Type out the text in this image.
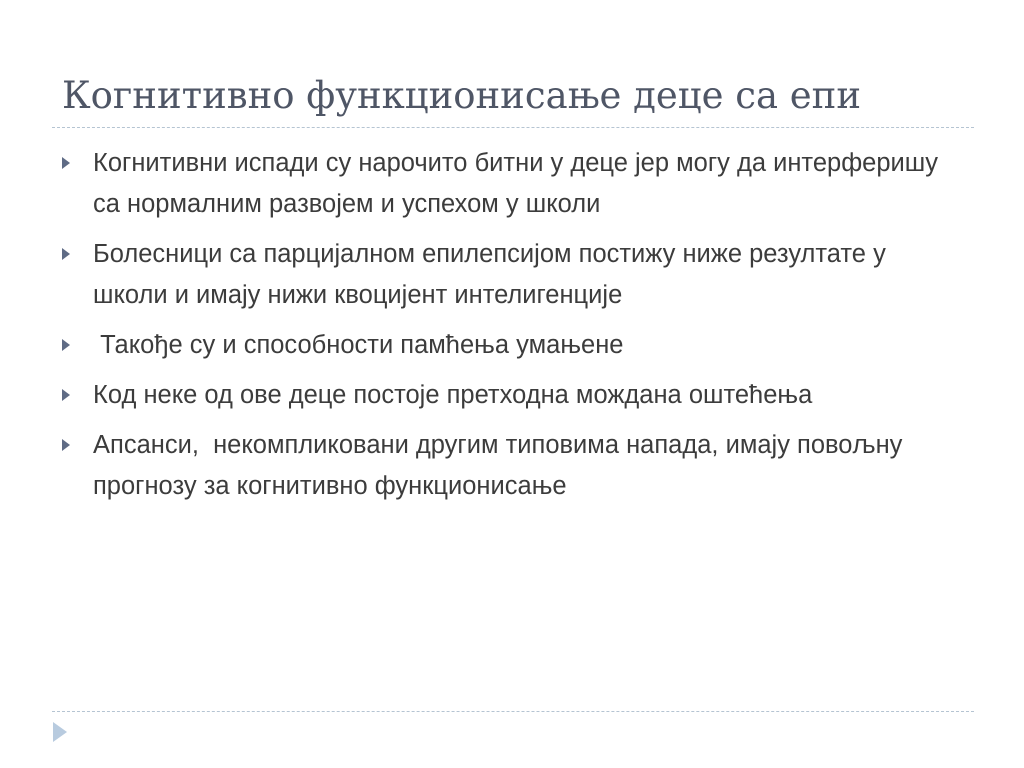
Когнитивно функционисање деце са епи
Когнитивни испади су нарочито битни у деце јер могу да интерферишу са нормалним развојем и успехом у школи
Болесници са парцијалном епилепсијом постижу ниже резултате у школи и имају нижи квоцијент интелигенције
Такође су и способности памћења умањене
Код неке од ове деце постоје претходна мождана оштећења
Апсанси,  некомпликовани другим типовима напада, имају повољну прогнозу за когнитивно функционисање
